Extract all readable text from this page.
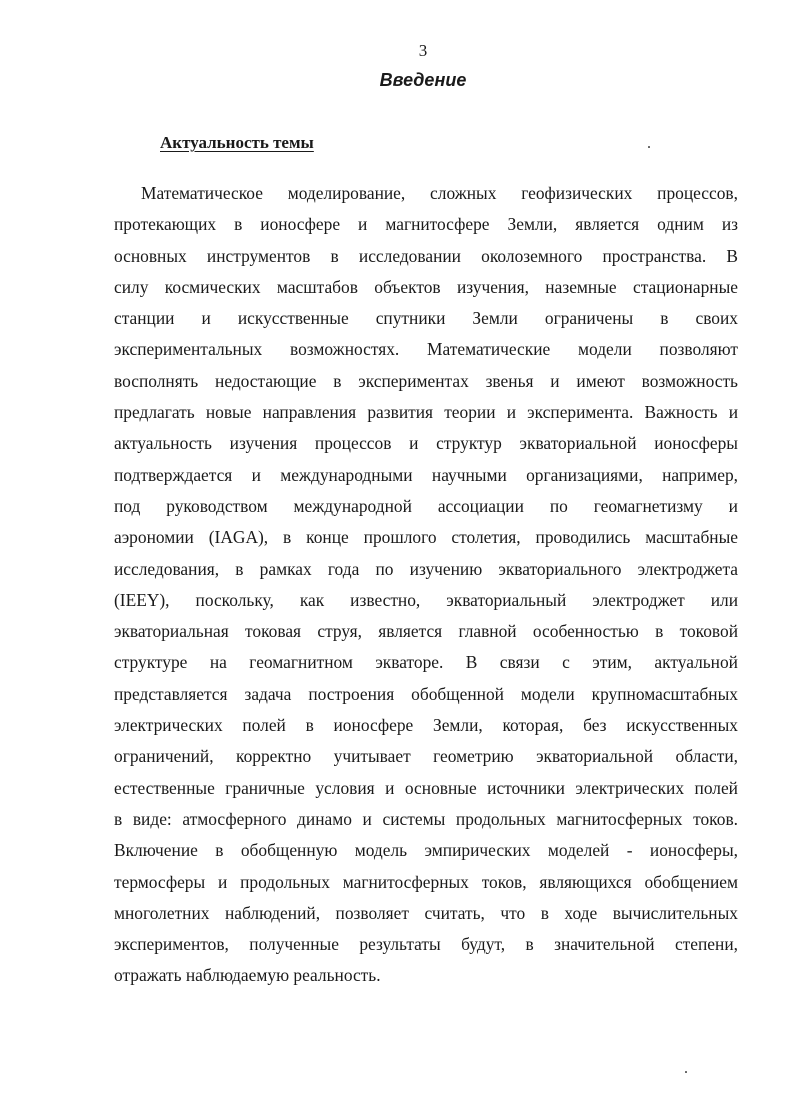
3
Введение
Актуальность темы
Математическое моделирование, сложных геофизических процессов,
протекающих в ионосфере и магнитосфере Земли, является одним из
основных инструментов в исследовании околоземного пространства. В
силу космических масштабов объектов изучения, наземные стационарные
станции и искусственные спутники Земли ограничены в своих
экспериментальных возможностях. Математические модели позволяют
восполнять недостающие в экспериментах звенья и имеют возможность
предлагать новые направления развития теории и эксперимента. Важность и
актуальность изучения процессов и структур экваториальной ионосферы
подтверждается и международными научными организациями, например,
под руководством международной ассоциации по геомагнетизму и
аэрономии (IAGA), в конце прошлого столетия, проводились масштабные
исследования, в рамках года по изучению экваториального электроджета
(IEEY), поскольку, как известно, экваториальный электроджет или
экваториальная токовая струя, является главной особенностью в токовой
структуре на геомагнитном экваторе. В связи с этим, актуальной
представляется задача построения обобщенной модели крупномасштабных
электрических полей в ионосфере Земли, которая, без искусственных
ограничений, корректно учитывает геометрию экваториальной области,
естественные граничные условия и основные источники электрических полей
в виде: атмосферного динамо и системы продольных магнитосферных токов.
Включение в обобщенную модель эмпирических моделей - ионосферы,
термосферы и продольных магнитосферных токов, являющихся обобщением
многолетних наблюдений, позволяет считать, что в ходе вычислительных
экспериментов, полученные результаты будут, в значительной степени,
отражать наблюдаемую реальность.
